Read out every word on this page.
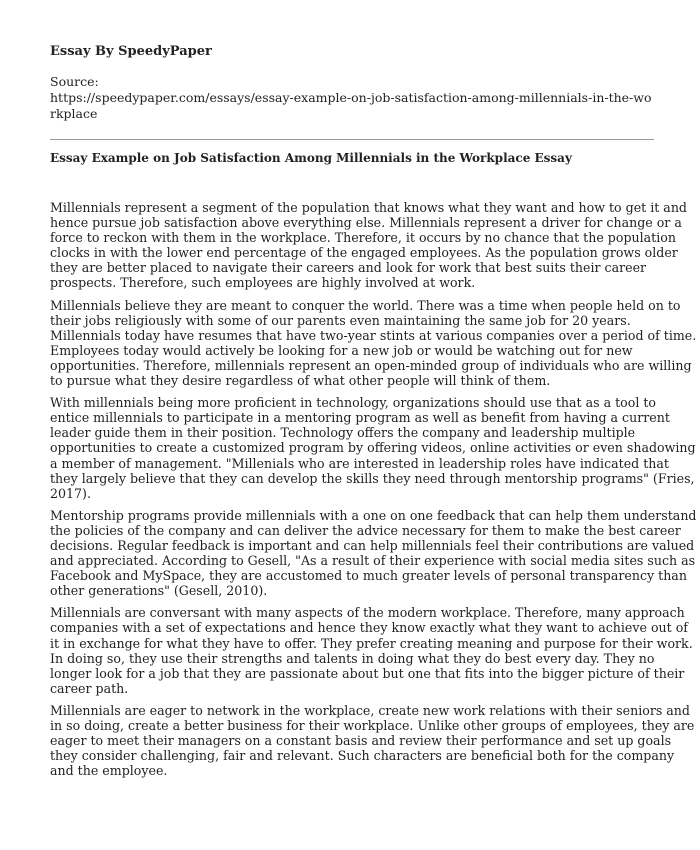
Essay By SpeedyPaper
Source:
https://speedypaper.com/essays/essay-example-on-job-satisfaction-among-millennials-in-the-workplace
Essay Example on Job Satisfaction Among Millennials in the Workplace Essay

Millennials represent a segment of the population that knows what they want and how to get it and
hence pursue job satisfaction above everything else. Millennials represent a driver for change or a
force to reckon with them in the workplace. Therefore, it occurs by no chance that the population
clocks in with the lower end percentage of the engaged employees. As the population grows older
they are better placed to navigate their careers and look for work that best suits their career
prospects. Therefore, such employees are highly involved at work.

Millennials believe they are meant to conquer the world. There was a time when people held on to
their jobs religiously with some of our parents even maintaining the same job for 20 years.
Millennials today have resumes that have two-year stints at various companies over a period of time.
Employees today would actively be looking for a new job or would be watching out for new
opportunities. Therefore, millennials represent an open-minded group of individuals who are willing
to pursue what they desire regardless of what other people will think of them.

With millennials being more proficient in technology, organizations should use that as a tool to
entice millennials to participate in a mentoring program as well as benefit from having a current
leader guide them in their position. Technology offers the company and leadership multiple
opportunities to create a customized program by offering videos, online activities or even shadowing
a member of management. "Millenials who are interested in leadership roles have indicated that
they largely believe that they can develop the skills they need through mentorship programs" (Fries,
2017).

Mentorship programs provide millennials with a one on one feedback that can help them understand
the policies of the company and can deliver the advice necessary for them to make the best career
decisions. Regular feedback is important and can help millennials feel their contributions are valued
and appreciated. According to Gesell, "As a result of their experience with social media sites such as
Facebook and MySpace, they are accustomed to much greater levels of personal transparency than
other generations" (Gesell, 2010).

Millennials are conversant with many aspects of the modern workplace. Therefore, many approach
companies with a set of expectations and hence they know exactly what they want to achieve out of
it in exchange for what they have to offer. They prefer creating meaning and purpose for their work.
In doing so, they use their strengths and talents in doing what they do best every day. They no
longer look for a job that they are passionate about but one that fits into the bigger picture of their
career path.

Millennials are eager to network in the workplace, create new work relations with their seniors and
in so doing, create a better business for their workplace. Unlike other groups of employees, they are
eager to meet their managers on a constant basis and review their performance and set up goals
they consider challenging, fair and relevant. Such characters are beneficial both for the company
and the employee.
